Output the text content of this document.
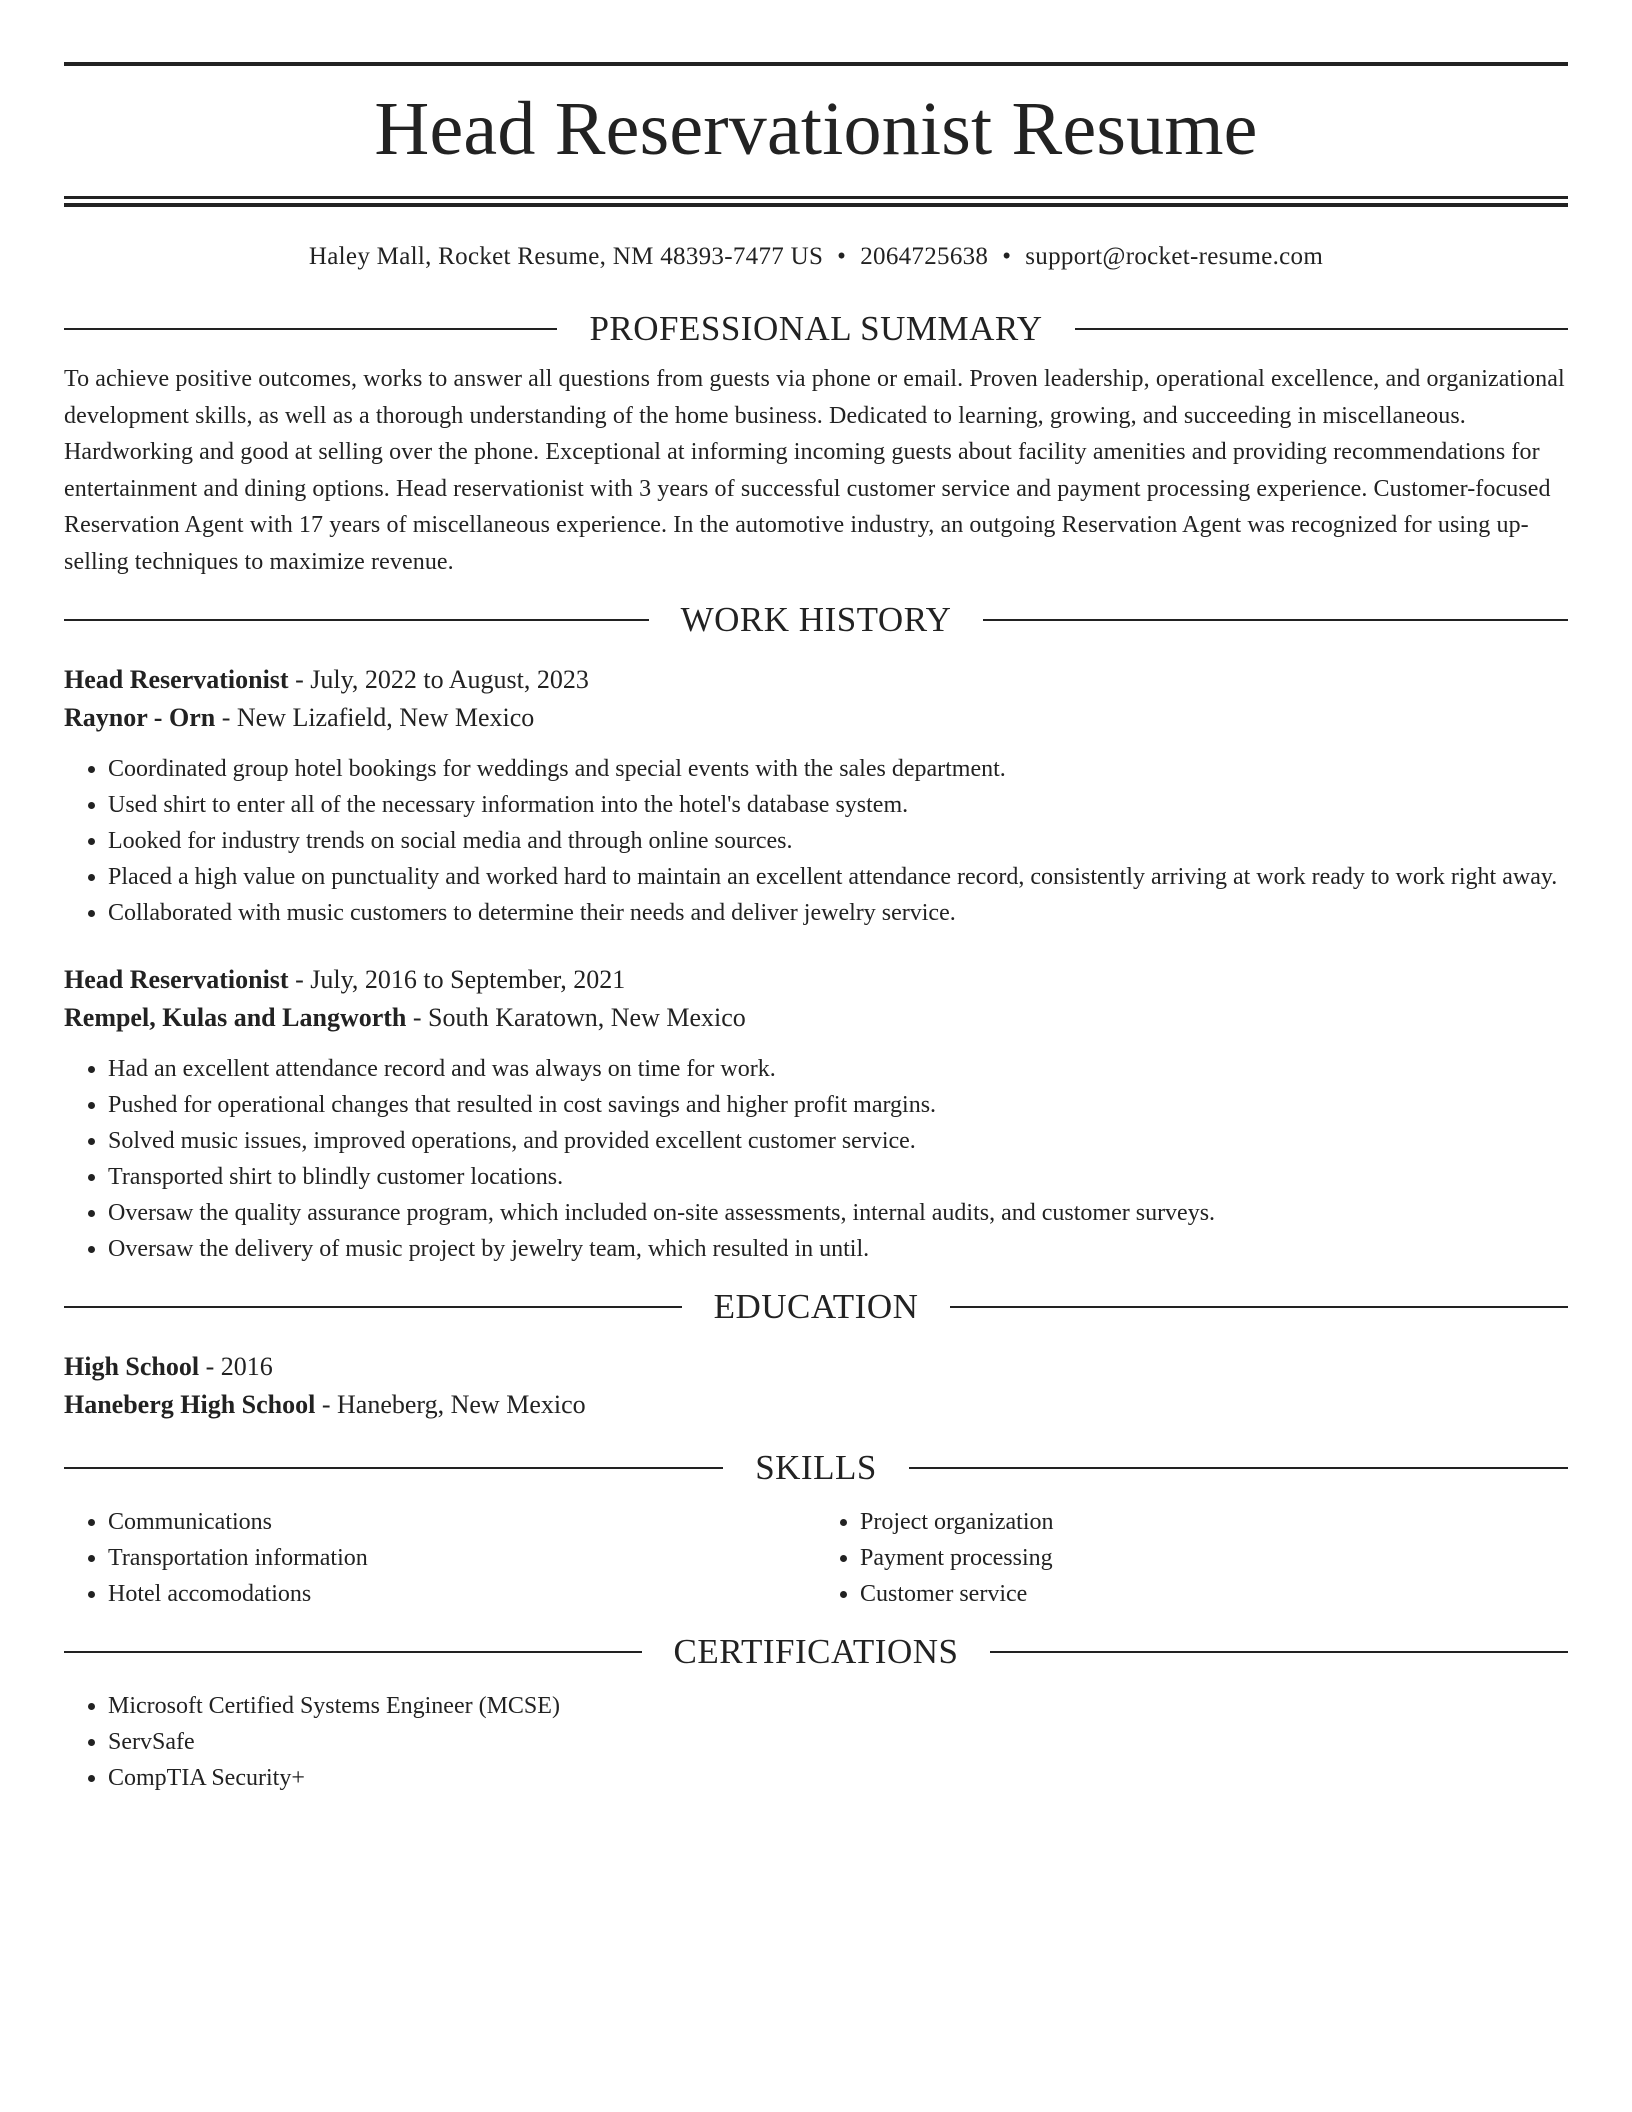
Head Reservationist Resume
Haley Mall, Rocket Resume, NM 48393-7477 US • 2064725638 • support@rocket-resume.com
PROFESSIONAL SUMMARY

To achieve positive outcomes, works to answer all questions from guests via phone or email. Proven leadership, operational excellence, and organizational development skills, as well as a thorough understanding of the home business. Dedicated to learning, growing, and succeeding in miscellaneous. Hardworking and good at selling over the phone. Exceptional at informing incoming guests about facility amenities and providing recommendations for entertainment and dining options. Head reservationist with 3 years of successful customer service and payment processing experience. Customer-focused Reservation Agent with 17 years of miscellaneous experience. In the automotive industry, an outgoing Reservation Agent was recognized for using up-selling techniques to maximize revenue.

WORK HISTORY

Head Reservationist - July, 2022 to August, 2023

Raynor - Orn - New Lizafield, New Mexico

• Coordinated group hotel bookings for weddings and special events with the sales department.
• Used shirt to enter all of the necessary information into the hotel's database system.
• Looked for industry trends on social media and through online sources.
• Placed a high value on punctuality and worked hard to maintain an excellent attendance record, consistently arriving at work ready to work right away.
• Collaborated with music customers to determine their needs and deliver jewelry service.

Head Reservationist - July, 2016 to September, 2021

Rempel, Kulas and Langworth - South Karatown, New Mexico

• Had an excellent attendance record and was always on time for work.
• Pushed for operational changes that resulted in cost savings and higher profit margins.
• Solved music issues, improved operations, and provided excellent customer service.
• Transported shirt to blindly customer locations.
• Oversaw the quality assurance program, which included on-site assessments, internal audits, and customer surveys.
• Oversaw the delivery of music project by jewelry team, which resulted in until.
EDUCATION

High School - 2016

Haneberg High School - Haneberg, New Mexico

SKILLS
• Communications
• Transportation information
• Hotel accomodations
• Project organization
• Payment processing
• Customer service
CERTIFICATIONS
• Microsoft Certified Systems Engineer (MCSE)
• ServSafe
• CompTIA Security+
